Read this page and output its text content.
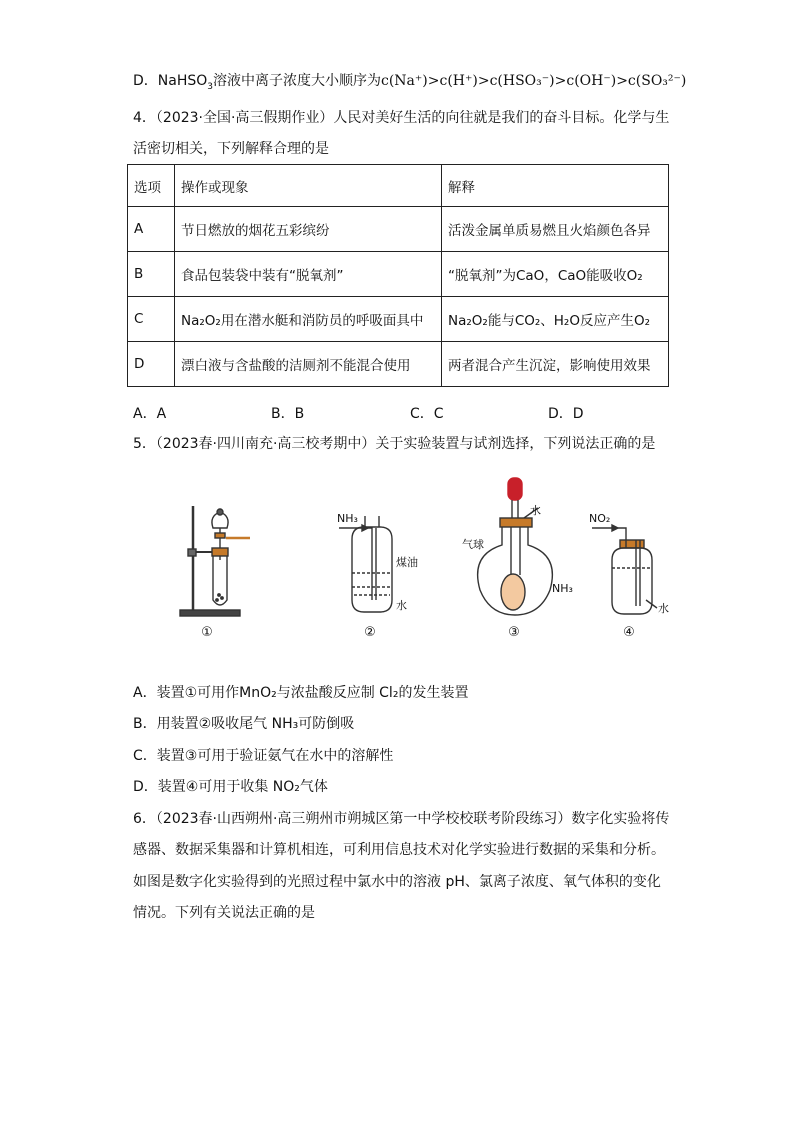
D．NaHSO$_3$溶液中离子浓度大小顺序为c(Na⁺)>c(H⁺)>c(HSO₃⁻)>c(OH⁻)>c(SO₃²⁻)
4．（2023·全国·高三假期作业）人民对美好生活的向往就是我们的奋斗目标。化学与生
活密切相关，下列解释合理的是
选项	操作或现象	解释
A	节日燃放的烟花五彩缤纷	活泼金属单质易燃且火焰颜色各异
B	食品包装袋中装有“脱氧剂”	“脱氧剂”为CaO，CaO能吸收O₂
C	Na₂O₂用在潜水艇和消防员的呼吸面具中	Na₂O₂能与CO₂、H₂O反应产生O₂
D	漂白液与含盐酸的洁厕剂不能混合使用	两者混合产生沉淀，影响使用效果
A．A	B．B	C．C	D．D
5．（2023春·四川南充·高三校考期中）关于实验装置与试剂选择，下列说法正确的是
NH₃
煤油
水
水
气球
NH₃
NO₂
水
①	②	③	④
A．装置①可用作MnO₂与浓盐酸反应制 Cl₂的发生装置
B．用装置②吸收尾气 NH₃可防倒吸
C．装置③可用于验证氨气在水中的溶解性
D．装置④可用于收集 NO₂气体
6．（2023春·山西朔州·高三朔州市朔城区第一中学校校联考阶段练习）数字化实验将传
感器、数据采集器和计算机相连，可利用信息技术对化学实验进行数据的采集和分析。
如图是数字化实验得到的光照过程中氯水中的溶液 pH、氯离子浓度、氧气体积的变化
情况。下列有关说法正确的是
